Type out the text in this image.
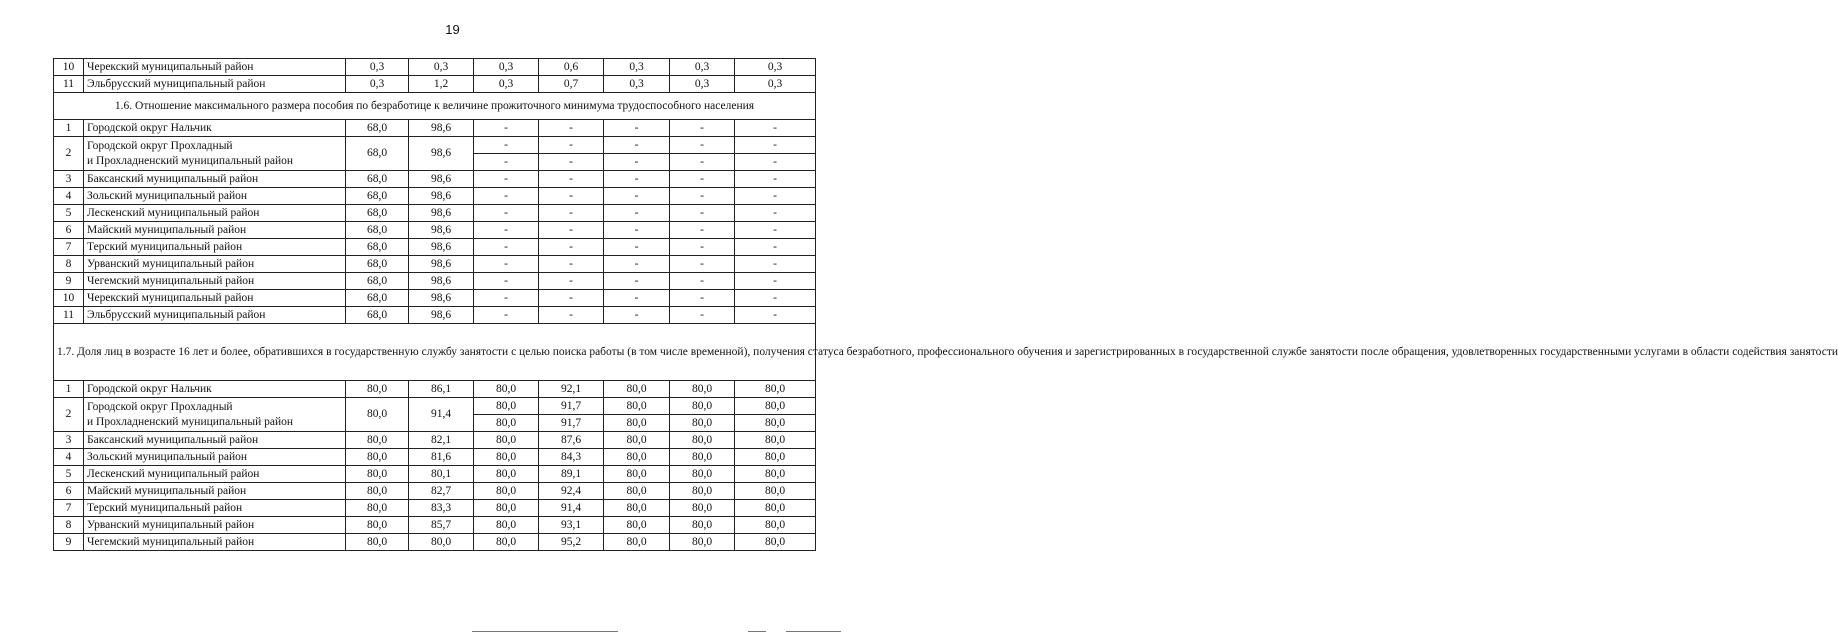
19
10	Черекский муниципальный район	0,3	0,3	0,3	0,6	0,3	0,3	0,3
11	Эльбрусский муниципальный район	0,3	1,2	0,3	0,7	0,3	0,3	0,3
1.6. Отношение максимального размера пособия по безработице к величине прожиточного минимума трудоспособного населения								
1	Городской округ Нальчик	68,0	98,6	-	-	-	-	-
2	Городской округ Прохладный
и Прохладненский муниципальный район	68,0	98,6	-	-	-	-	-
				-	-	-	-	-
3	Баксанский муниципальный район	68,0	98,6	-	-	-	-	-
4	Зольский муниципальный район	68,0	98,6	-	-	-	-	-
5	Лескенский муниципальный район	68,0	98,6	-	-	-	-	-
6	Майский муниципальный район	68,0	98,6	-	-	-	-	-
7	Терский муниципальный район	68,0	98,6	-	-	-	-	-
8	Урванский муниципальный район	68,0	98,6	-	-	-	-	-
9	Чегемский муниципальный район	68,0	98,6	-	-	-	-	-
10	Черекский муниципальный район	68,0	98,6	-	-	-	-	-
11	Эльбрусский муниципальный район	68,0	98,6	-	-	-	-	-
1.7. Доля лиц в возрасте 16 лет и более, обратившихся в государственную службу занятости с целью поиска работы (в том числе временной), получения статуса безработного, профессионального обучения и зарегистрированных в государственной службе занятости после обращения, удовлетворенных государственными услугами в области содействия занятости								
1	Городской округ Нальчик	80,0	86,1	80,0	92,1	80,0	80,0	80,0
2	Городской округ Прохладный
и Прохладненский муниципальный район	80,0	91,4	80,0	91,7	80,0	80,0	80,0
				80,0	91,7	80,0	80,0	80,0
3	Баксанский муниципальный район	80,0	82,1	80,0	87,6	80,0	80,0	80,0
4	Зольский муниципальный район	80,0	81,6	80,0	84,3	80,0	80,0	80,0
5	Лескенский муниципальный район	80,0	80,1	80,0	89,1	80,0	80,0	80,0
6	Майский муниципальный район	80,0	82,7	80,0	92,4	80,0	80,0	80,0
7	Терский муниципальный район	80,0	83,3	80,0	91,4	80,0	80,0	80,0
8	Урванский муниципальный район	80,0	85,7	80,0	93,1	80,0	80,0	80,0
9	Чегемский муниципальный район	80,0	80,0	80,0	95,2	80,0	80,0	80,0
